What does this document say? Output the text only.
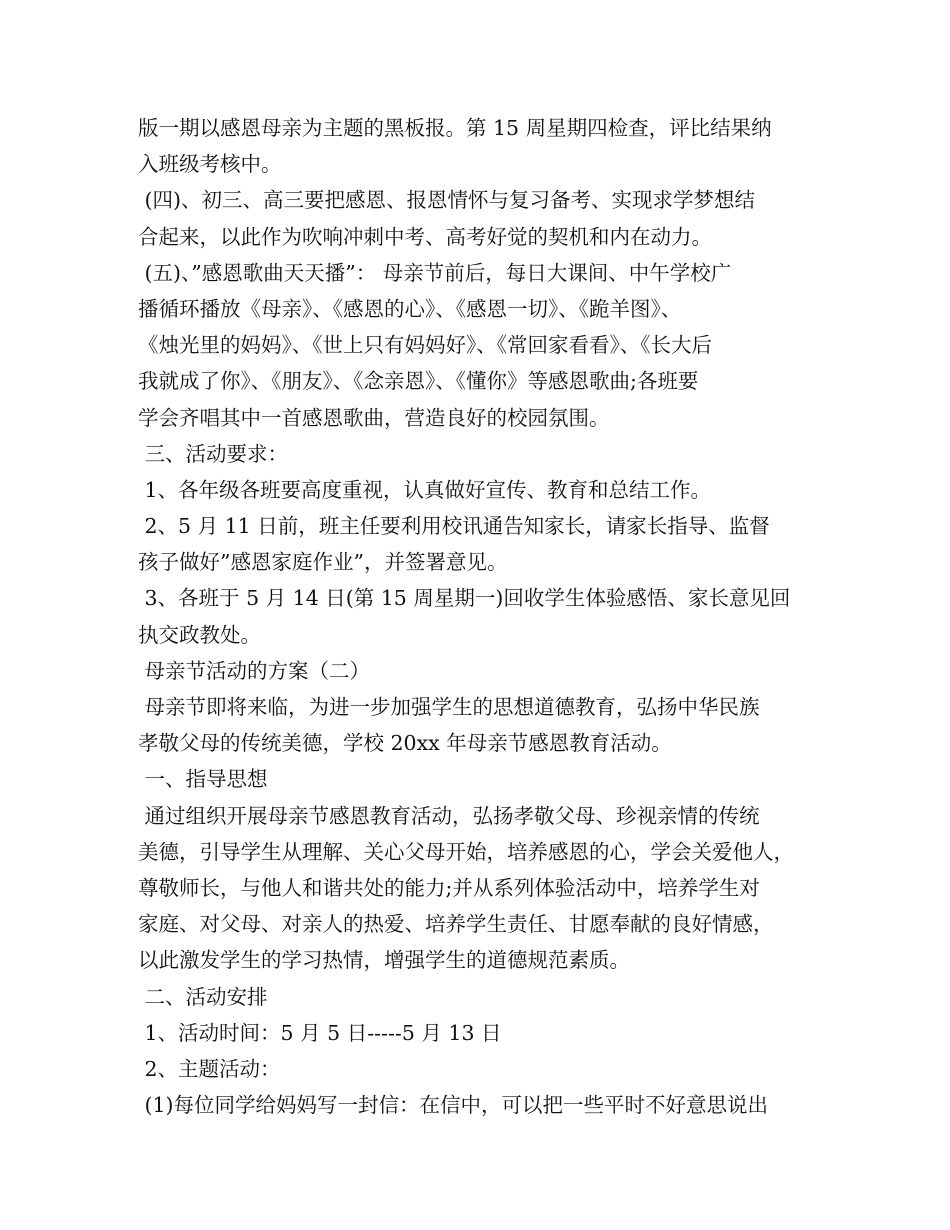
版一期以感恩母亲为主题的黑板报。第 15 周星期四检查，评比结果纳
入班级考核中。
(四)、初三、高三要把感恩、报恩情怀与复习备考、实现求学梦想结
合起来，以此作为吹响冲刺中考、高考好觉的契机和内在动力。
(五)、”感恩歌曲天天播”： 母亲节前后，每日大课间、中午学校广
播循环播放《母亲》、《感恩的心》、《感恩一切》、《跪羊图》、
《烛光里的妈妈》、《世上只有妈妈好》、《常回家看看》、《长大后
我就成了你》、《朋友》、《念亲恩》、《懂你》等感恩歌曲;各班要
学会齐唱其中一首感恩歌曲，营造良好的校园氛围。
三、活动要求：
1、各年级各班要高度重视，认真做好宣传、教育和总结工作。
2、5 月 11 日前，班主任要利用校讯通告知家长，请家长指导、监督
孩子做好”感恩家庭作业”，并签署意见。
3、各班于 5 月 14 日(第 15 周星期一)回收学生体验感悟、家长意见回
执交政教处。
母亲节活动的方案（二）
母亲节即将来临，为进一步加强学生的思想道德教育，弘扬中华民族
孝敬父母的传统美德，学校 20xx 年母亲节感恩教育活动。
一、指导思想
通过组织开展母亲节感恩教育活动，弘扬孝敬父母、珍视亲情的传统
美德，引导学生从理解、关心父母开始，培养感恩的心，学会关爱他人，
尊敬师长，与他人和谐共处的能力;并从系列体验活动中，培养学生对
家庭、对父母、对亲人的热爱、培养学生责任、甘愿奉献的良好情感，
以此激发学生的学习热情，增强学生的道德规范素质。
二、活动安排
1、活动时间：5 月 5 日-----5 月 13 日
2、主题活动：
(1)每位同学给妈妈写一封信：在信中，可以把一些平时不好意思说出
